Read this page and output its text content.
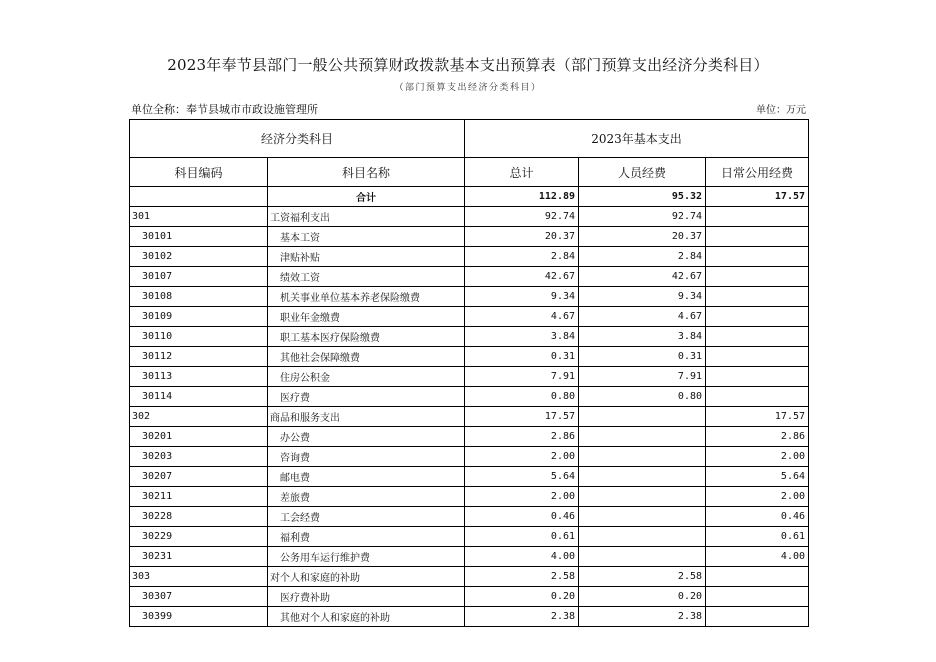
2023年奉节县部门一般公共预算财政拨款基本支出预算表（部门预算支出经济分类科目）
（部门预算支出经济分类科目）
单位全称：奉节县城市市政设施管理所	单位：万元
经济分类科目		2023年基本支出		
科目编码	科目名称	总计	人员经费	日常公用经费
	合计	112.89	95.32	17.57
301	工资福利支出	92.74	92.74	
30101	基本工资	20.37	20.37	
30102	津贴补贴	2.84	2.84	
30107	绩效工资	42.67	42.67	
30108	机关事业单位基本养老保险缴费	9.34	9.34	
30109	职业年金缴费	4.67	4.67	
30110	职工基本医疗保险缴费	3.84	3.84	
30112	其他社会保障缴费	0.31	0.31	
30113	住房公积金	7.91	7.91	
30114	医疗费	0.80	0.80	
302	商品和服务支出	17.57		17.57
30201	办公费	2.86		2.86
30203	咨询费	2.00		2.00
30207	邮电费	5.64		5.64
30211	差旅费	2.00		2.00
30228	工会经费	0.46		0.46
30229	福利费	0.61		0.61
30231	公务用车运行维护费	4.00		4.00
303	对个人和家庭的补助	2.58	2.58	
30307	医疗费补助	0.20	0.20	
30399	其他对个人和家庭的补助	2.38	2.38	
